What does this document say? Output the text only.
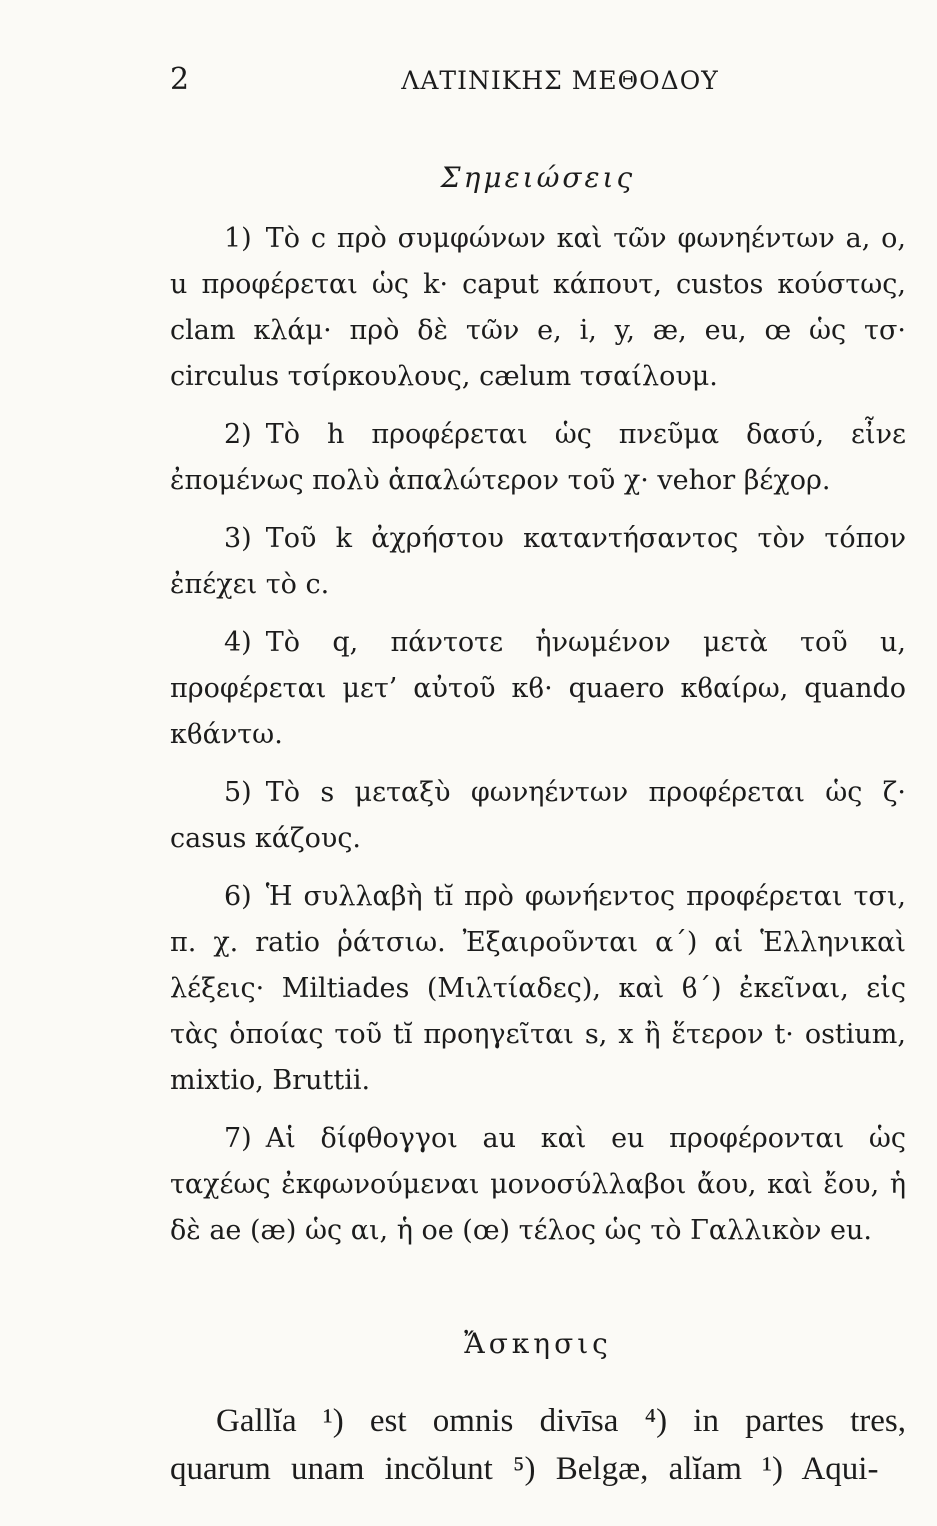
2	ΛΑΤΙΝΙΚΗΣ ΜΕΘΟΔΟΥ
Σημειώσεις

1) Τὸ c πρὸ συμφώνων καὶ τῶν φωνηέντων a, o, u προφέρεται ὡς k· caput κάπουτ, custos κούστως, clam κλάμ· πρὸ δὲ τῶν e, i, y, æ, eu, œ ὡς τσ· circulus τσίρκουλους, cælum τσαίλουμ.

2) Τὸ h προφέρεται ὡς πνεῦμα δασύ, εἶνε ἐπομένως πολὺ ἁπαλώτερον τοῦ χ· vehor βέχορ.

3) Τοῦ k ἀχρήστου καταντήσαντος τὸν τόπον ἐπέχει τὸ c.

4) Τὸ q, πάντοτε ἡνωμένον μετὰ τοῦ u, προφέρεται μετ’ αὐτοῦ κϐ· quaero κϐαίρω, quando κϐάντω.

5) Τὸ s μεταξὺ φωνηέντων προφέρεται ὡς ζ· casus κάζους.

6) Ἡ συλλαβὴ tĭ πρὸ φωνήεντος προφέρεται τσι, π. χ. ratio ῥάτσιω. Ἐξαιροῦνται α΄) αἱ Ἑλληνικαὶ λέξεις· Miltiades (Μιλτίαδες), καὶ ϐ΄) ἐκεῖναι, εἰς τὰς ὁποίας τοῦ tĭ προηγεῖται s, x ἢ ἕτερον t· ostium, mixtio, Bruttii.

7) Αἱ δίφθογγοι au καὶ eu προφέρονται ὡς ταχέως ἐκφωνούμεναι μονοσύλλαβοι ἄου, καὶ ἔου, ἡ δὲ ae (æ) ὡς αι, ἡ oe (œ) τέλος ὡς τὸ Γαλλικὸν eu.

Ἄσκησις

Gallĭa ¹) est omnis divīsa ⁴) in partes tres, quarum unam incŏlunt ⁵) Belgæ, alĭam ¹) Aqui-
